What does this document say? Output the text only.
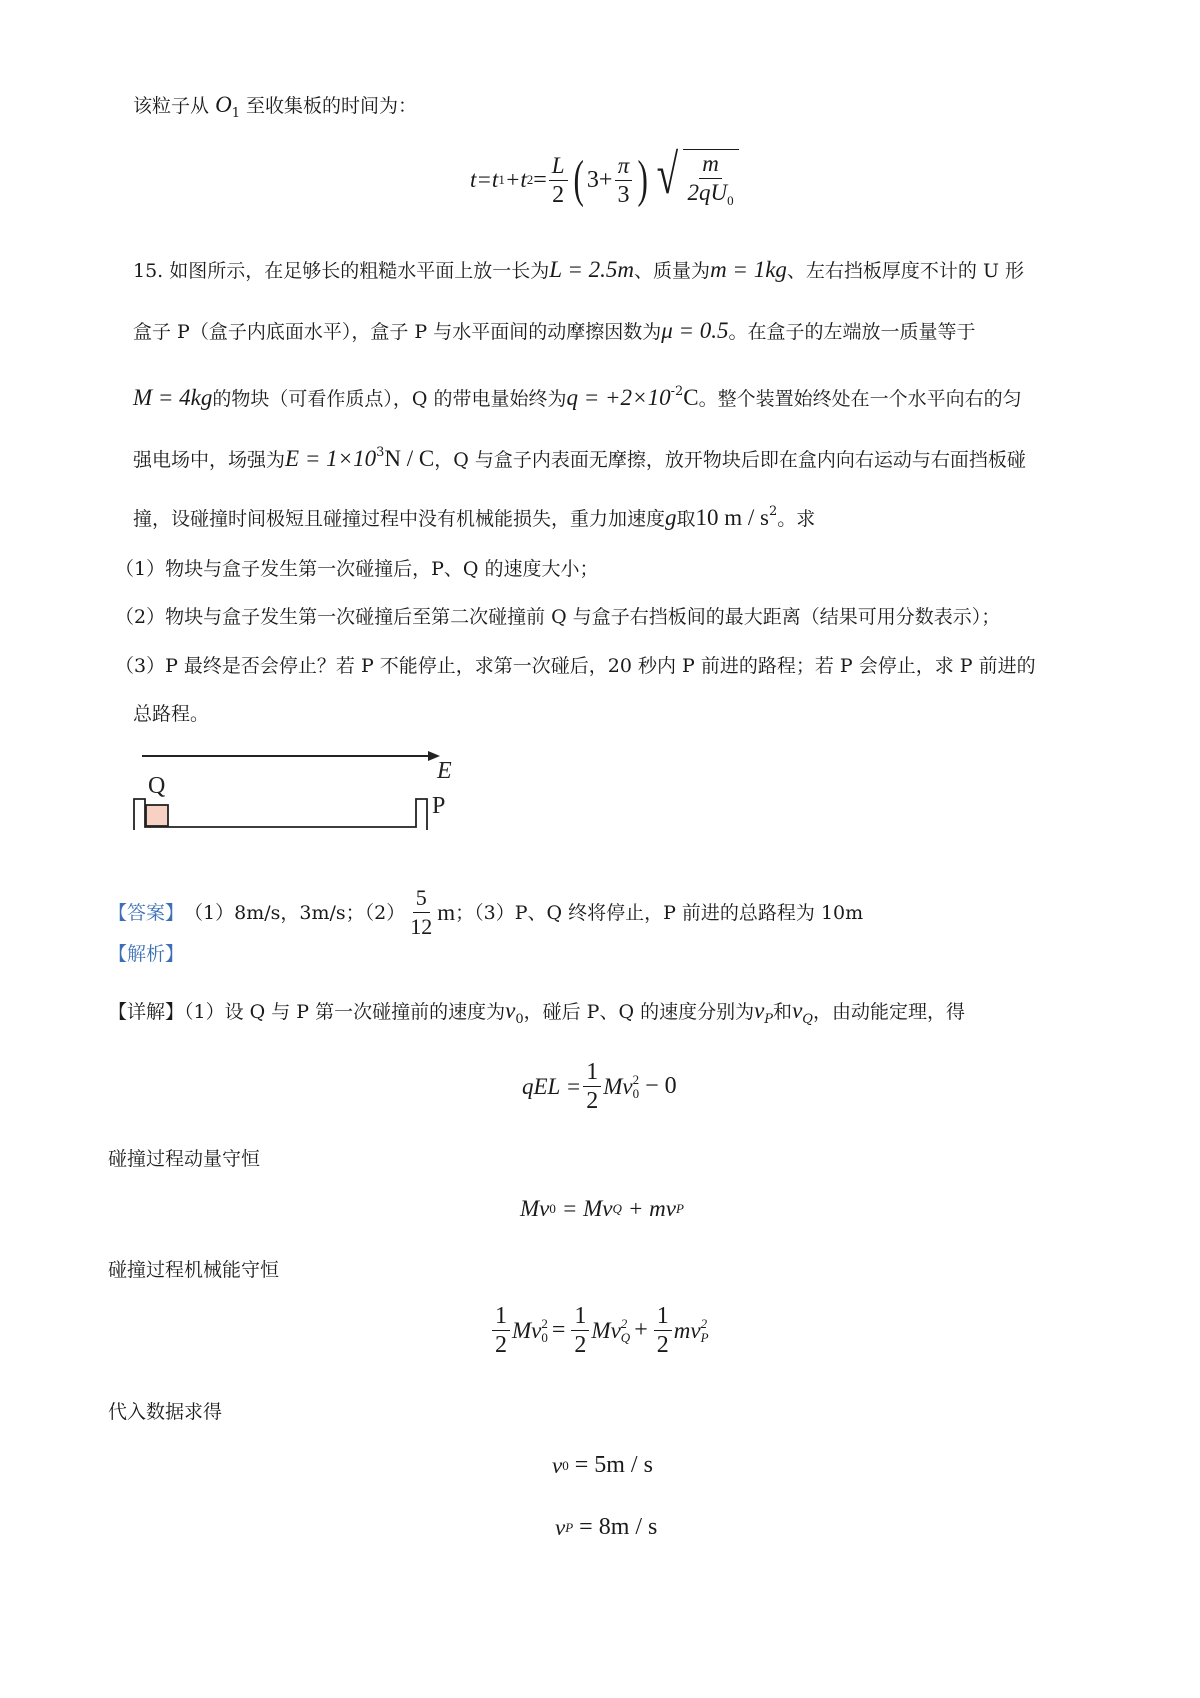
该粒子从 $O_1$ 至收集板的时间为：
t=t 1 +t $2 = \frac{L}{2}$ ( $3+ \frac{\pi}{3}$ ) √ $\frac{m}{2qU_0}$
15. 如图所示，在足够长的粗糙水平面上放一长为L = 2.5m、质量为m = 1kg、左右挡板厚度不计的 U 形
盒子 P（盒子内底面水平），盒子 P 与水平面间的动摩擦因数为μ = 0.5。在盒子的左端放一质量等于
M = 4kg的物块（可看作质点），Q 的带电量始终为$q = +2\times 10^{-2}C$。整个装置始终处在一个水平向右的匀
强电场中，场强为$E = 1\times 10^3N / C$，Q 与盒子内表面无摩擦，放开物块后即在盒内向右运动与右面挡板碰
撞，设碰撞时间极短且碰撞过程中没有机械能损失，重力加速度g取10 m / $s^2$。求
（1）物块与盒子发生第一次碰撞后，P、Q 的速度大小；
（2）物块与盒子发生第一次碰撞后至第二次碰撞前 Q 与盒子右挡板间的最大距离（结果可用分数表示）；
（3）P 最终是否会停止？若 P 不能停止，求第一次碰后，20 秒内 P 前进的路程；若 P 会停止，求 P 前进的
总路程。
E
Q
P
【答案】 （1）8m/s，3m/s；$(2) \frac{5}{12}$ m ；（3）P、Q 终将停止，P 前进的总路程为 10m
【解析】
【详解】（1）设 Q 与 P 第一次碰撞前的速度为$v_0$，碰后 P、Q 的速度分别为$v_P$和$v_Q$，由动能定理，得
qEL = $\frac{1}{2}$ Mv 2
0 − 0
碰撞过程动量守恒
Mv 0 = Mv Q + mv P
碰撞过程机械能守恒
$\frac{1}{2}$ Mv 2
$0 = \frac{1}{2}$ Mv 2
$Q + \frac{1}{2}$ mv 2
P
代入数据求得
v 0 = 5m / s
v P = 8m / s
